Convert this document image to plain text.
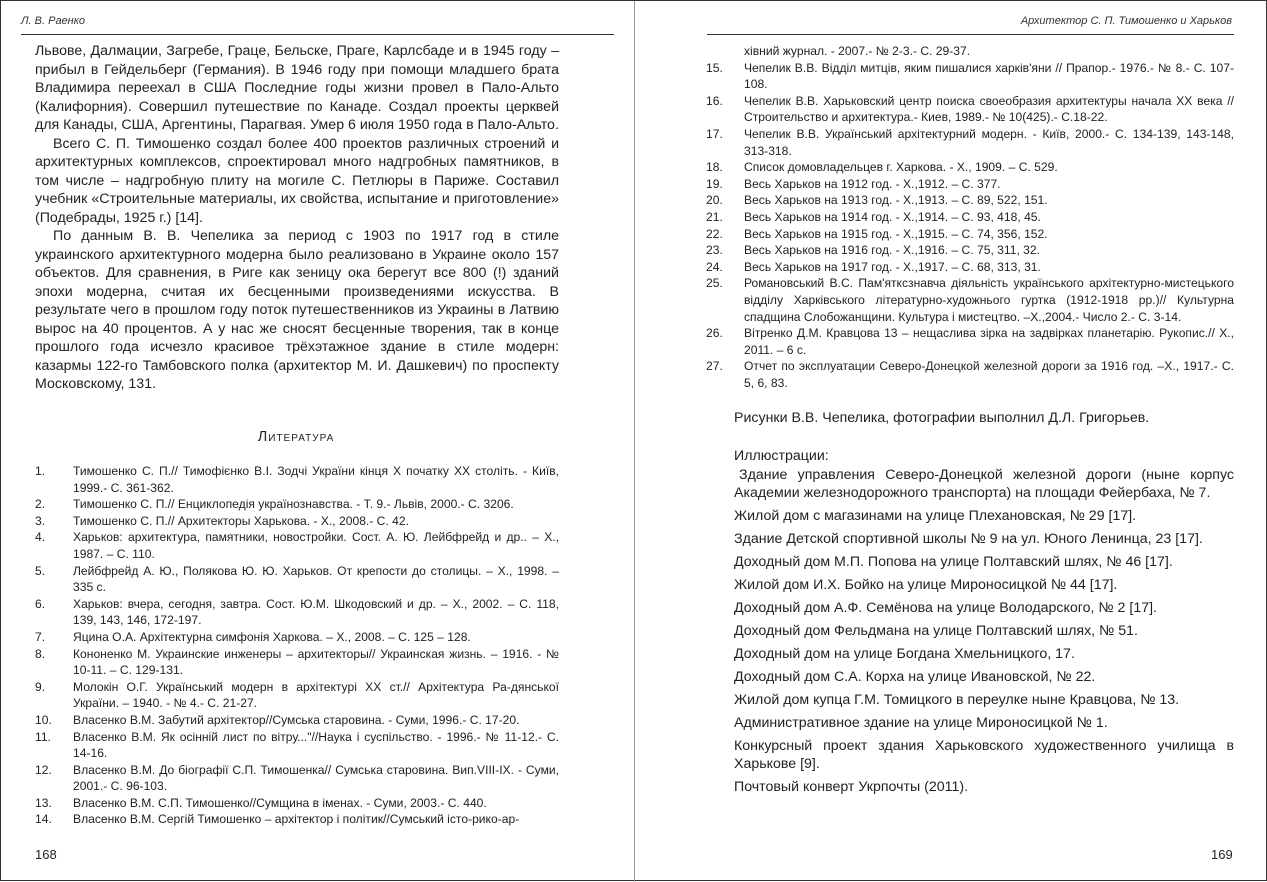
Л. В. Раенко

Львове, Далмации, Загребе, Граце, Бельске, Праге, Карлсбаде и в 1945 году – прибыл в Гейдельберг (Германия). В 1946 году при помощи младшего брата Владимира переехал в США Последние годы жизни провел в Пало-Альто (Калифорния). Совершил путешествие по Канаде. Создал проекты церквей для Канады, США, Аргентины, Парагвая. Умер 6 июля 1950 года в Пало-Альто.

Всего С. П. Тимошенко создал более 400 проектов различных строений и архитектурных комплексов, спроектировал много надгробных памятников, в том числе – надгробную плиту на могиле С. Петлюры в Париже. Составил учебник «Строительные материалы, их свойства, испытание и приготовление» (Подебрады, 1925 г.) [14].

По данным В. В. Чепелика за период с 1903 по 1917 год в стиле украинского архитектурного модерна было реализовано в Украине около 157 объектов. Для сравнения, в Риге как зеницу ока берегут все 800 (!) зданий эпохи модерна, считая их бесценными произведениями искусства. В результате чего в прошлом году поток путешественников из Украины в Латвию вырос на 40 процентов. А у нас же сносят бесценные творения, так в конце прошлого года исчезло красивое трёхэтажное здание в стиле модерн: казармы 122-го Тамбовского полка (архитектор М. И. Дашкевич) по проспекту Московскому, 131.

Литература
1. Тимошенко С. П.// Тимофієнко В.І. Зодчі України кінця Х початку ХХ століть. - Київ, 1999.- С. 361-362.
2. Тимошенко С. П.// Енциклопедія українознавства. - Т. 9.- Львів, 2000.- С. 3206.
3. Тимошенко С. П.// Архитекторы Харькова. - Х., 2008.- С. 42.
4. Харьков: архитектура, памятники, новостройки. Сост. А. Ю. Лейбфрейд и др.. – Х., 1987. – С. 110.
5. Лейбфрейд А. Ю., Полякова Ю. Ю. Харьков. От крепости до столицы. – Х., 1998. – 335 с.
6. Харьков: вчера, сегодня, завтра. Сост. Ю.М. Шкодовский и др. – Х., 2002. – С. 118, 139, 143, 146, 172-197.
7. Яцина О.А. Архітектурна симфонія Харкова. – Х., 2008. – С. 125 – 128.
8. Кононенко М. Украинские инженеры – архитекторы// Украинская жизнь. – 1916. - № 10-11. – С. 129-131.
9. Молокін О.Г. Український модерн в архітектурі ХХ ст.// Архітектура Ра-дянської України. – 1940. - № 4.- С. 21-27.
10. Власенко В.М. Забутий архітектор//Сумська старовина. - Суми, 1996.- С. 17-20.
11. Власенко В.М. Як осінній лист по вітру..."//Наука і суспільство. - 1996.- № 11-12.- С. 14-16.
12. Власенко В.М. До біографії С.П. Тимошенка// Сумська старовина. Вип.VIII-IX. - Суми, 2001.- С. 96-103.
13. Власенко В.М. С.П. Тимошенко//Сумщина в іменах. - Суми, 2003.- С. 440.
14. Власенко В.М. Сергій Тимошенко – архітектор і політик//Сумський істо-рико-ар-
168
Архитектор С. П. Тимошенко и Харьков
хівний журнал. - 2007.- № 2-3.- С. 29-37.
15. Чепелик В.В. Відділ митців, яким пишалися харків'яни // Прапор.- 1976.- № 8.- С. 107-108.
16. Чепелик В.В. Харьковский центр поиска своеобразия архитектуры начала ХХ века // Строительство и архитектура.- Киев, 1989.- № 10(425).- С.18-22.
17. Чепелик В.В. Український архітектурний модерн. - Київ, 2000.- С. 134-139, 143-148, 313-318.
18. Список домовладельцев г. Харкова. - Х., 1909. – С. 529.
19. Весь Харьков на 1912 год. - Х.,1912. – С. 377.
20. Весь Харьков на 1913 год. - Х.,1913. – С. 89, 522, 151.
21. Весь Харьков на 1914 год. - Х.,1914. – С. 93, 418, 45.
22. Весь Харьков на 1915 год. - Х.,1915. – С. 74, 356, 152.
23. Весь Харьков на 1916 год. - Х.,1916. – С. 75, 311, 32.
24. Весь Харьков на 1917 год. - Х.,1917. – С. 68, 313, 31.
25. Романовський В.С. Пам'ятксзнавча діяльність українського архітектурно-мистецького відділу Харківського літературно-художнього гуртка (1912-1918 рр.)// Культурна спадщина Слобожанщини. Культура і мистецтво. –Х.,2004.- Число 2.- С. 3-14.
26. Вітренко Д.М. Кравцова 13 – нещаслива зірка на задвірках планетарію. Рукопис.// Х., 2011. – 6 с.
27. Отчет по эксплуатации Северо-Донецкой железной дороги за 1916 год. –Х., 1917.- С. 5, 6, 83.
Рисунки В.В. Чепелика, фотографии выполнил Д.Л. Григорьев.
Иллюстрации:
Здание управления Северо-Донецкой железной дороги (ныне корпус Академии железнодорожного транспорта) на площади Фейербаха, № 7.
Жилой дом с магазинами на улице Плехановская, № 29 [17].
Здание Детской спортивной школы № 9 на ул. Юного Ленинца, 23 [17].
Доходный дом М.П. Попова на улице Полтавский шлях, № 46 [17].
Жилой дом И.Х. Бойко на улице Мироносицкой № 44 [17].
Доходный дом А.Ф. Семёнова на улице Володарского, № 2 [17].
Доходный дом Фельдмана на улице Полтавский шлях, № 51.
Доходный дом на улице Богдана Хмельницкого, 17.
Доходный дом С.А. Корха на улице Ивановской, № 22.
Жилой дом купца Г.М. Томицкого в переулке ныне Кравцова, № 13.
Административное здание на улице Мироносицкой № 1.
Конкурсный проект здания Харьковского художественного училища в Харькове [9].
Почтовый конверт Укрпочты (2011).
169
